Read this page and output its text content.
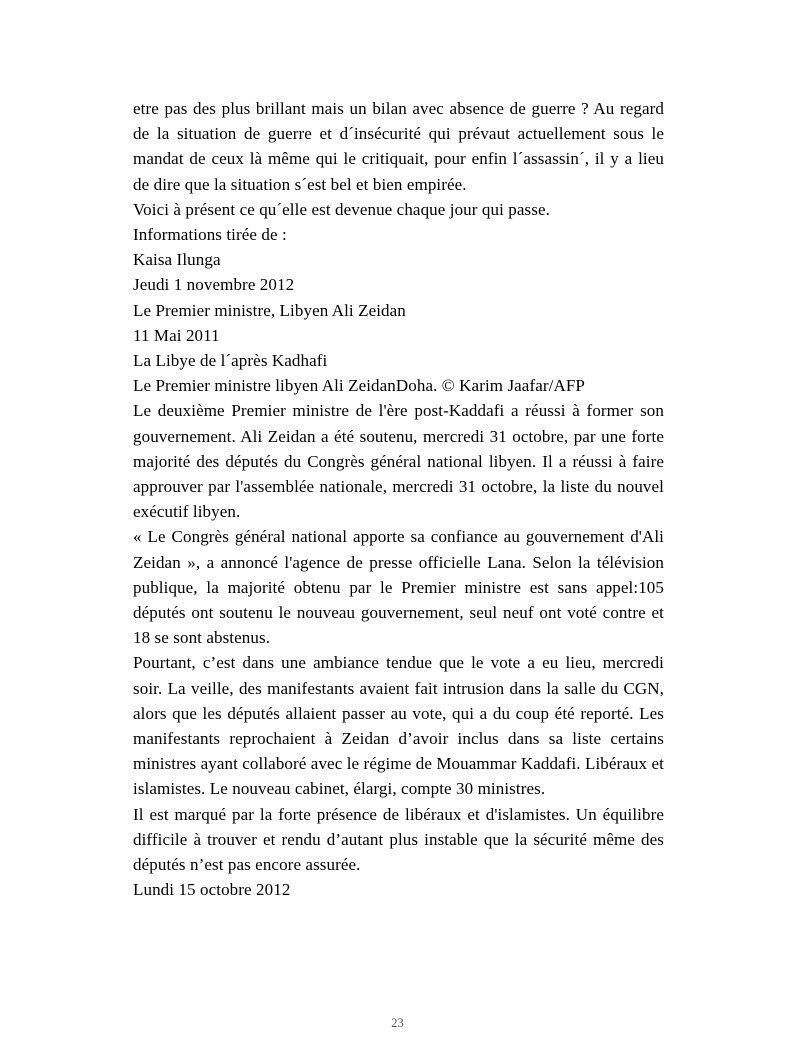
etre pas des plus brillant mais un bilan avec absence de guerre ? Au regard de la situation de guerre et d´insécurité qui prévaut actuellement sous le mandat de ceux là même qui le critiquait, pour enfin l´assassin´, il y a lieu de dire que la situation s´est bel et bien empirée.

Voici à présent ce qu´elle est devenue chaque jour qui passe.

Informations tirée de :

Kaisa Ilunga

Jeudi 1 novembre 2012

Le Premier ministre, Libyen Ali Zeidan

11 Mai 2011

La Libye de l´après Kadhafi

Le Premier ministre libyen Ali ZeidanDoha. © Karim Jaafar/AFP

Le deuxième Premier ministre de l'ère post-Kaddafi a réussi à former son gouvernement. Ali Zeidan a été soutenu, mercredi 31 octobre, par une forte majorité des députés du Congrès général national libyen. Il a réussi à faire approuver par l'assemblée nationale, mercredi 31 octobre, la liste du nouvel exécutif libyen.

« Le Congrès général national apporte sa confiance au gouvernement d'Ali Zeidan », a annoncé l'agence de presse officielle Lana. Selon la télévision publique, la majorité obtenu par le Premier ministre est sans appel:105 députés ont soutenu le nouveau gouvernement, seul neuf ont voté contre et 18 se sont abstenus.

Pourtant, c’est dans une ambiance tendue que le vote a eu lieu, mercredi soir. La veille, des manifestants avaient fait intrusion dans la salle du CGN, alors que les députés allaient passer au vote, qui a du coup été reporté. Les manifestants reprochaient à Zeidan d’avoir inclus dans sa liste certains ministres ayant collaboré avec le régime de Mouammar Kaddafi. Libéraux et islamistes. Le nouveau cabinet, élargi, compte 30 ministres.

Il est marqué par la forte présence de libéraux et d'islamistes. Un équilibre difficile à trouver et rendu d’autant plus instable que la sécurité même des députés n’est pas encore assurée.

Lundi 15 octobre 2012

23
